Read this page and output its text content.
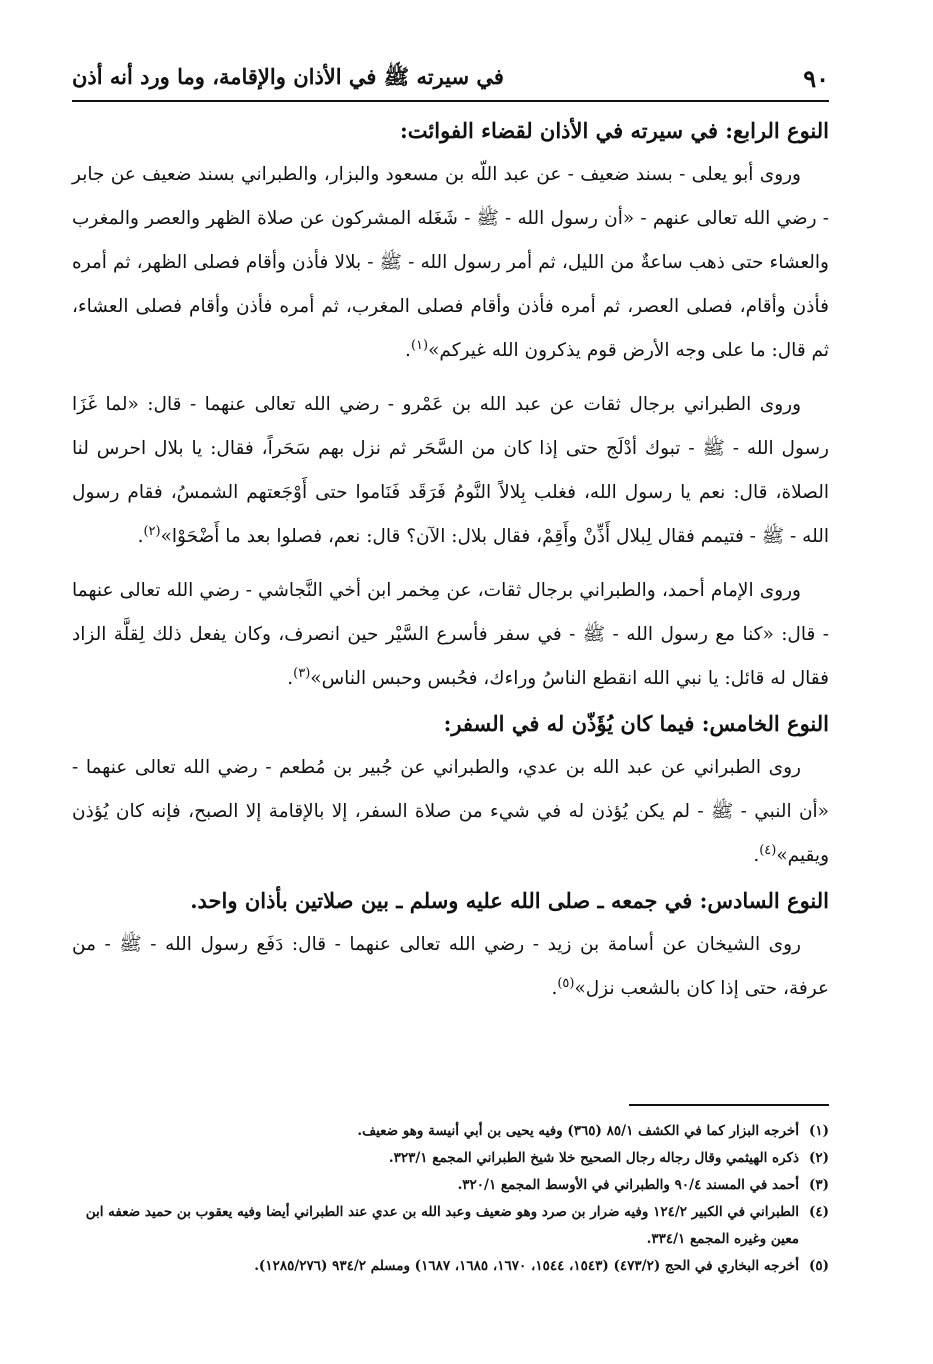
٩٠
في سيرته ﷺ في الأذان والإقامة، وما ورد أنه أذن
النوع الرابع: في سيرته في الأذان لقضاء الفوائت:

وروى أبو يعلى - بسند ضعيف - عن عبد اللّه بن مسعود والبزار، والطبراني بسند ضعيف عن جابر - رضي الله تعالى عنهم - «أن رسول الله - ﷺ - شَغَله المشركون عن صلاة الظهر والعصر والمغرب والعشاء حتى ذهب ساعةٌ من الليل، ثم أمر رسول الله - ﷺ - بلالا فأذن وأقام فصلى الظهر، ثم أمره فأذن وأقام، فصلى العصر، ثم أمره فأذن وأقام فصلى المغرب، ثم أمره فأذن وأقام فصلى العشاء، ثم قال: ما على وجه الأرض قوم يذكرون الله غيركم»$^{(١)}$.

وروى الطبراني برجال ثقات عن عبد الله بن عَمْرو - رضي الله تعالى عنهما - قال: «لما غَزَا رسول الله - ﷺ - تبوك أدْلَج حتى إذا كان من السَّحَر ثم نزل بهم سَحَراً، فقال: يا بلال احرس لنا الصلاة، قال: نعم يا رسول الله، فغلب بِلالاً النَّومُ فَرَقَد فَنَاموا حتى أَوْجَعتهم الشمسُ، فقام رسول الله - ﷺ - فتيمم فقال لِبلال أَذِّنْ وأَقِمْ، فقال بلال: الآن؟ قال: نعم، فصلوا بعد ما أَضْحَوْا»$^{(٢)}$.

وروى الإمام أحمد، والطبراني برجال ثقات، عن مِخمر ابن أخي النَّجاشي - رضي الله تعالى عنهما - قال: «كنا مع رسول الله - ﷺ - في سفر فأسرع السَّيْر حين انصرف، وكان يفعل ذلك لِقلَّة الزاد فقال له قائل: يا نبي الله انقطع الناسُ وراءك، فحُبس وحبس الناس»$^{(٣)}$.

النوع الخامس: فيما كان يُؤَذّن له في السفر:

روى الطبراني عن عبد الله بن عدي، والطبراني عن جُبير بن مُطعم - رضي الله تعالى عنهما - «أن النبي - ﷺ - لم يكن يُؤذن له في شيء من صلاة السفر، إلا بالإقامة إلا الصبح، فإنه كان يُؤذن ويقيم»$^{(٤)}$.

النوع السادس: في جمعه ـ صلى الله عليه وسلم ـ بين صلاتين بأذان واحد.

روى الشيخان عن أسامة بن زيد - رضي الله تعالى عنهما - قال: دَفَع رسول الله - ﷺ - من عرفة، حتى إذا كان بالشعب نزل»$^{(٥)}$.

(١)
أخرجه البزار كما في الكشف ٨٥/١ (٣٦٥) وفيه يحيى بن أبي أنيسة وهو ضعيف.

(٢)
ذكره الهيثمي وقال رجاله رجال الصحيح خلا شيخ الطبراني المجمع ٣٢٣/١.

(٣)
أحمد في المسند ٩٠/٤ والطبراني في الأوسط المجمع ٣٢٠/١.

(٤)
الطبراني في الكبير ١٢٤/٢ وفيه ضرار بن صرد وهو ضعيف وعبد الله بن عدي عند الطبراني أيضا وفيه يعقوب بن حميد ضعفه ابن معين وغيره المجمع ٣٣٤/١.

(٥)
أخرجه البخاري في الحج (٤٧٣/٢) (١٥٤٣، ١٥٤٤، ١٦٧٠، ١٦٨٥، ١٦٨٧) ومسلم ٩٣٤/٢ (١٢٨٥/٢٧٦).
